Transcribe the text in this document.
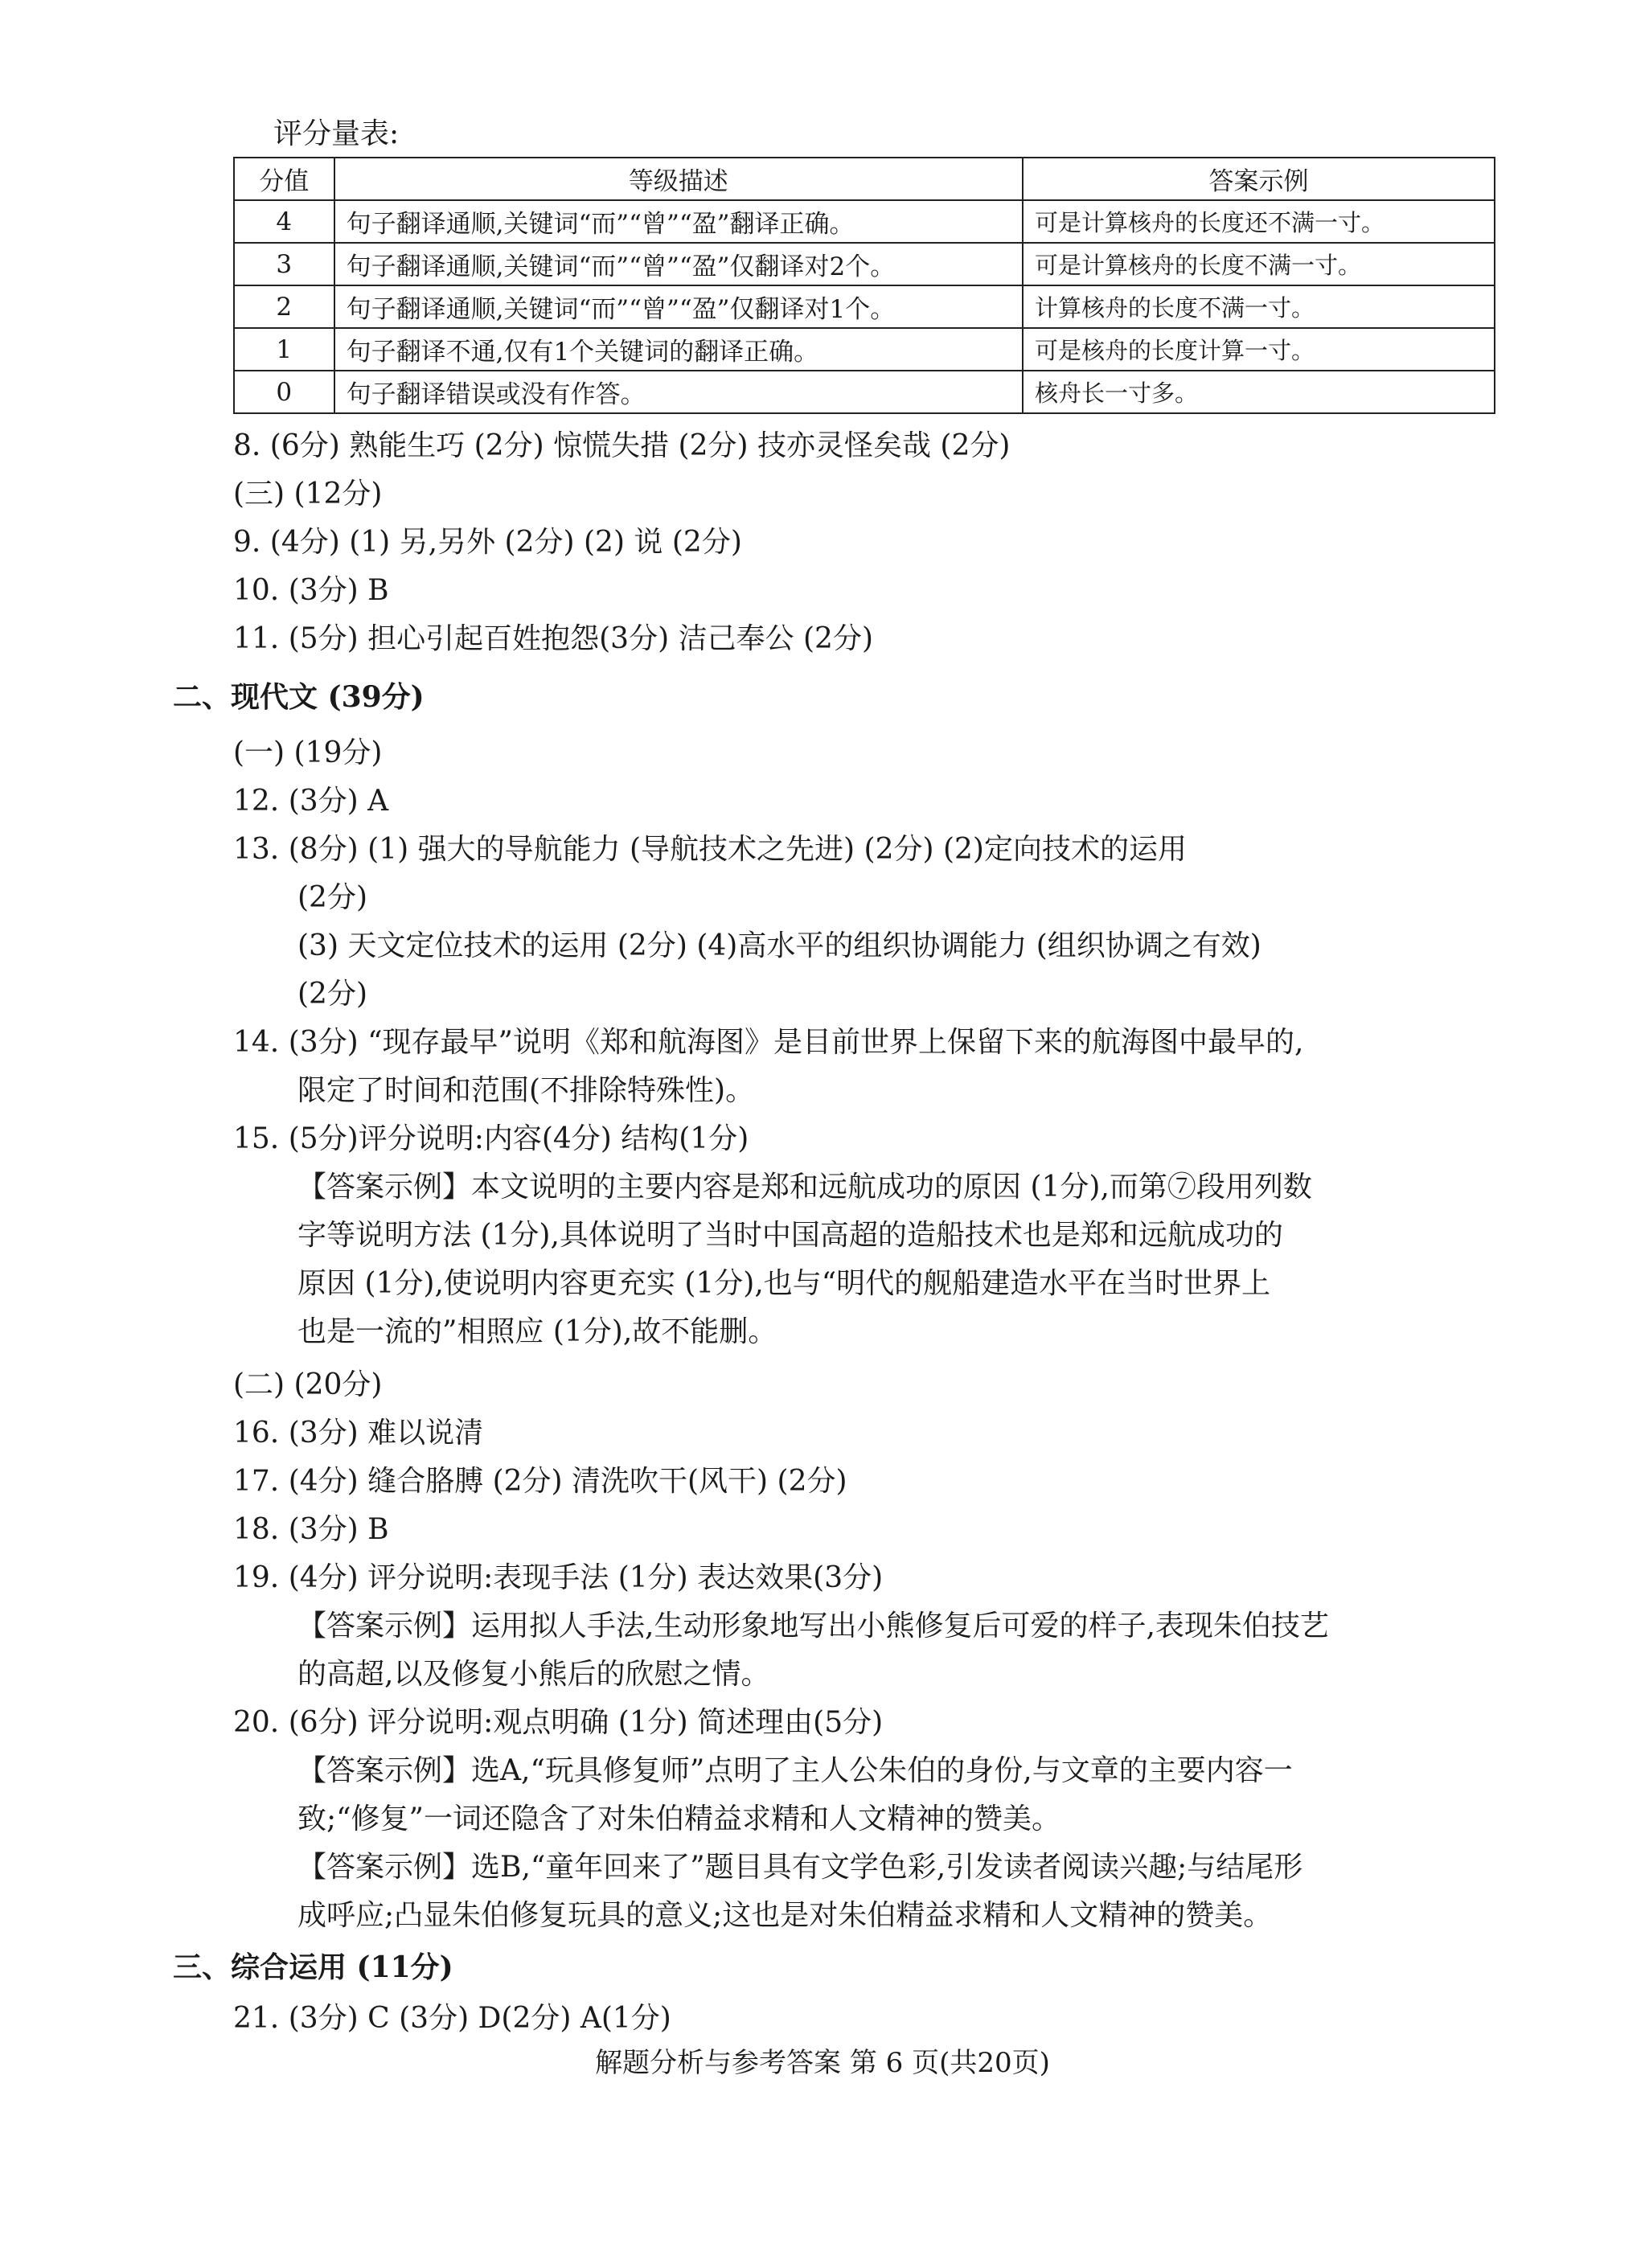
评分量表:
分值	等级描述	答案示例
4	句子翻译通顺,关键词“而”“曾”“盈”翻译正确。	可是计算核舟的长度还不满一寸。
3	句子翻译通顺,关键词“而”“曾”“盈”仅翻译对2个。	可是计算核舟的长度不满一寸。
2	句子翻译通顺,关键词“而”“曾”“盈”仅翻译对1个。	计算核舟的长度不满一寸。
1	句子翻译不通,仅有1个关键词的翻译正确。	可是核舟的长度计算一寸。
0	句子翻译错误或没有作答。	核舟长一寸多。
8. (6分) 熟能生巧 (2分) 惊慌失措 (2分) 技亦灵怪矣哉 (2分)
(三) (12分)
9. (4分) (1) 另,另外 (2分) (2) 说 (2分)
10. (3分) B
11. (5分) 担心引起百姓抱怨(3分) 洁己奉公 (2分)
二、现代文 (39分)
(一) (19分)
12. (3分) A
13. (8分) (1) 强大的导航能力 (导航技术之先进) (2分) (2)定向技术的运用
(2分)
(3) 天文定位技术的运用 (2分) (4)高水平的组织协调能力 (组织协调之有效)
(2分)
14. (3分) “现存最早”说明《郑和航海图》是目前世界上保留下来的航海图中最早的,
限定了时间和范围(不排除特殊性)。
15. (5分)评分说明:内容(4分) 结构(1分)
【答案示例】本文说明的主要内容是郑和远航成功的原因 (1分),而第⑦段用列数
字等说明方法 (1分),具体说明了当时中国高超的造船技术也是郑和远航成功的
原因 (1分),使说明内容更充实 (1分),也与“明代的舰船建造水平在当时世界上
也是一流的”相照应 (1分),故不能删。
(二) (20分)
16. (3分) 难以说清
17. (4分) 缝合胳膊 (2分) 清洗吹干(风干) (2分)
18. (3分) B
19. (4分) 评分说明:表现手法 (1分) 表达效果(3分)
【答案示例】运用拟人手法,生动形象地写出小熊修复后可爱的样子,表现朱伯技艺
的高超,以及修复小熊后的欣慰之情。
20. (6分) 评分说明:观点明确 (1分) 简述理由(5分)
【答案示例】选A,“玩具修复师”点明了主人公朱伯的身份,与文章的主要内容一
致;“修复”一词还隐含了对朱伯精益求精和人文精神的赞美。
【答案示例】选B,“童年回来了”题目具有文学色彩,引发读者阅读兴趣;与结尾形
成呼应;凸显朱伯修复玩具的意义;这也是对朱伯精益求精和人文精神的赞美。
三、综合运用 (11分)
21. (3分) C (3分) D(2分) A(1分)
解题分析与参考答案 第 6 页(共20页)
